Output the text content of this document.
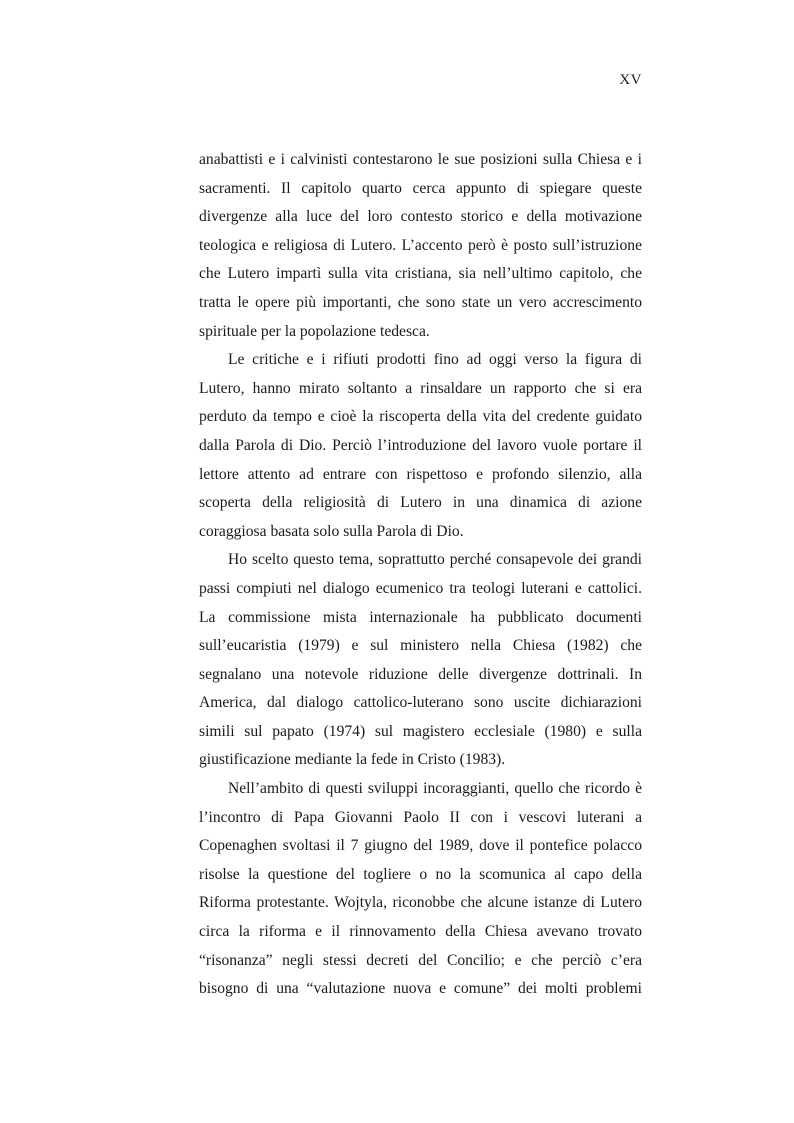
XV
anabattisti e i calvinisti contestarono le sue posizioni sulla Chiesa e i
sacramenti. Il capitolo quarto cerca appunto di spiegare queste
divergenze alla luce del loro contesto storico e della motivazione
teologica e religiosa di Lutero. L’accento però è posto sull’istruzione
che Lutero impartì sulla vita cristiana, sia nell’ultimo capitolo, che
tratta le opere più importanti, che sono state un vero accrescimento
spirituale per la popolazione tedesca.
Le critiche e i rifiuti prodotti fino ad oggi verso la figura di
Lutero, hanno mirato soltanto a rinsaldare un rapporto che si era
perduto da tempo e cioè la riscoperta della vita del credente guidato
dalla Parola di Dio. Perciò l’introduzione del lavoro vuole portare il
lettore attento ad entrare con rispettoso e profondo silenzio, alla
scoperta della religiosità di Lutero in una dinamica di azione
coraggiosa basata solo sulla Parola di Dio.
Ho scelto questo tema, soprattutto perché consapevole dei grandi
passi compiuti nel dialogo ecumenico tra teologi luterani e cattolici.
La commissione mista internazionale ha pubblicato documenti
sull’eucaristia (1979) e sul ministero nella Chiesa (1982) che
segnalano una notevole riduzione delle divergenze dottrinali. In
America, dal dialogo cattolico-luterano sono uscite dichiarazioni
simili sul papato (1974) sul magistero ecclesiale (1980) e sulla
giustificazione mediante la fede in Cristo (1983).
Nell’ambito di questi sviluppi incoraggianti, quello che ricordo è
l’incontro di Papa Giovanni Paolo II con i vescovi luterani a
Copenaghen svoltasi il 7 giugno del 1989, dove il pontefice polacco
risolse la questione del togliere o no la scomunica al capo della
Riforma protestante. Wojtyla, riconobbe che alcune istanze di Lutero
circa la riforma e il rinnovamento della Chiesa avevano trovato
“risonanza” negli stessi decreti del Concilio; e che perciò c’era
bisogno di una “valutazione nuova e comune” dei molti problemi
